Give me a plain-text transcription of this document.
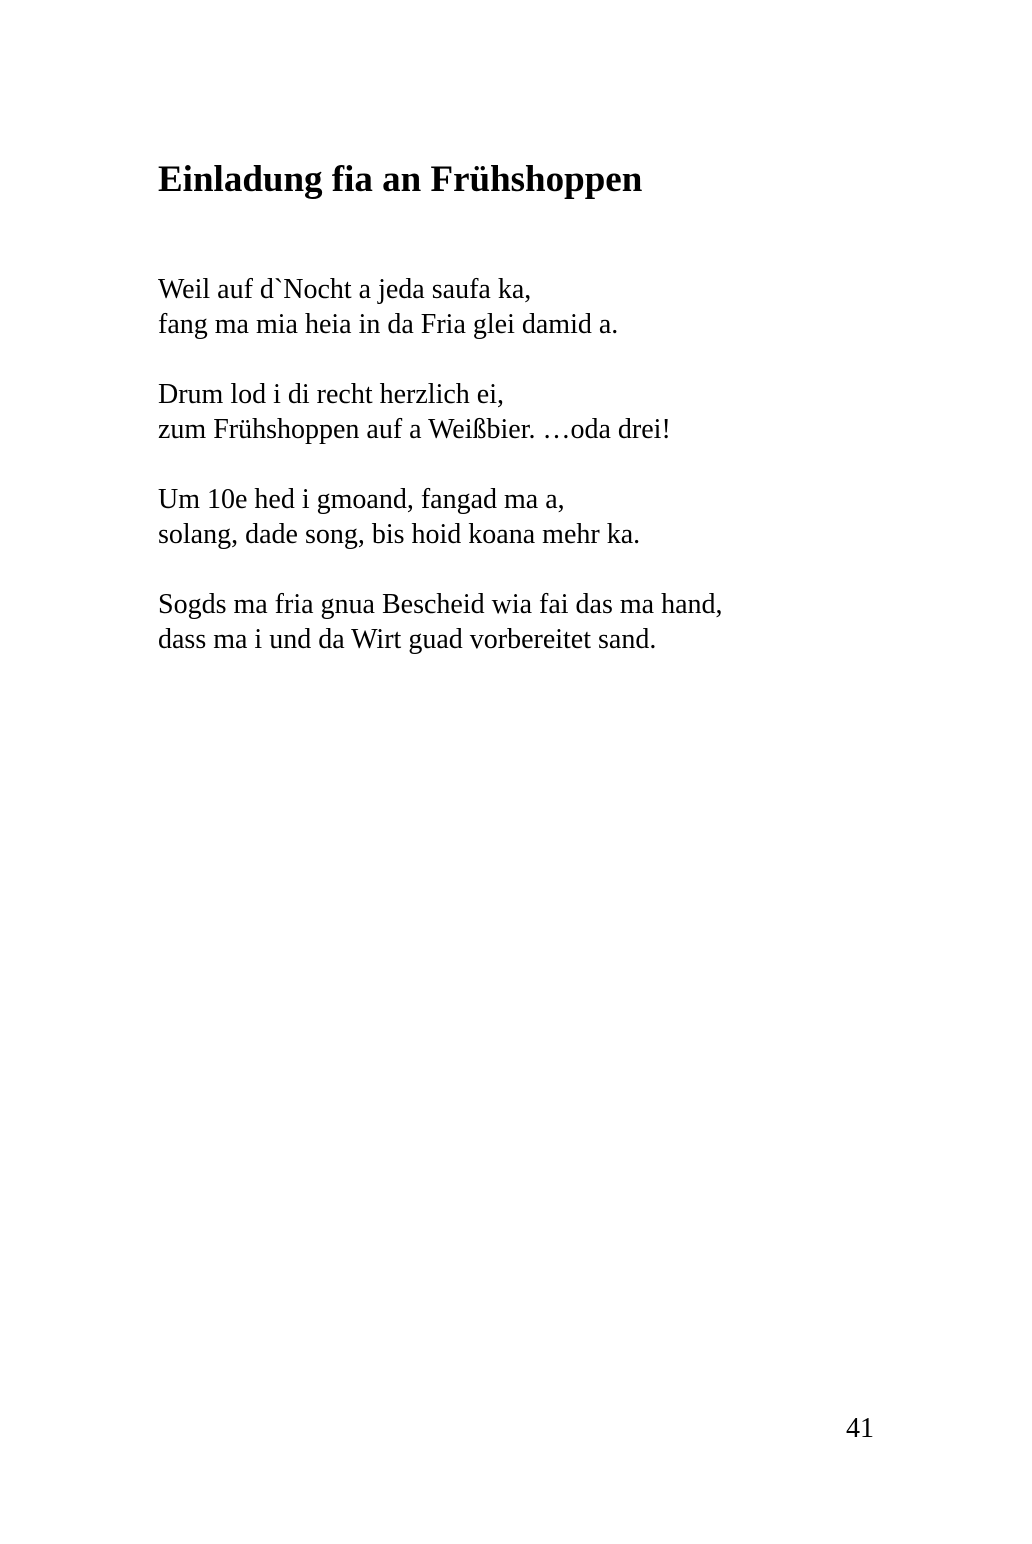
Einladung fia an Frühshoppen

Weil auf d`Nocht a jeda saufa ka,
fang ma mia heia in da Fria glei damid a.

Drum lod i di recht herzlich ei,
zum Frühshoppen auf a Weißbier. …oda drei!

Um 10e hed i gmoand, fangad ma a,
solang, dade song, bis hoid koana mehr ka.

Sogds ma fria gnua Bescheid wia fai das ma hand,
dass ma i und da Wirt guad vorbereitet sand.

41
